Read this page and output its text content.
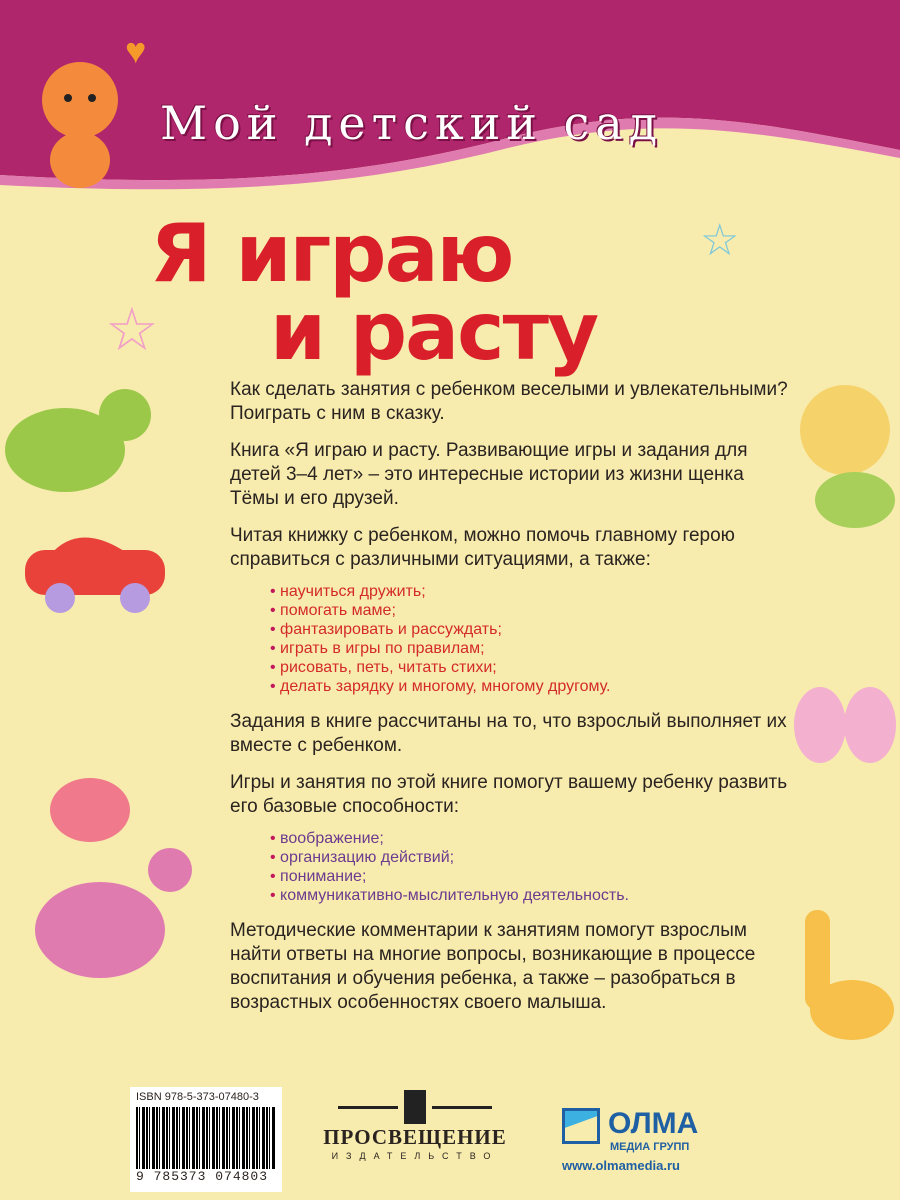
Мой детский сад
♥
Я играю
и расту
☆
☆

Как сделать занятия с ребенком веселыми и увлекательными? Поиграть с ним в сказку.

Книга «Я играю и расту. Развивающие игры и задания для детей 3–4 лет» – это интересные истории из жизни щенка Тёмы и его друзей.

Читая книжку с ребенком, можно помочь главному герою справиться с различными ситуациями, а также:

• научиться дружить;
• помогать маме;
• фантазировать и рассуждать;
• играть в игры по правилам;
• рисовать, петь, читать стихи;
• делать зарядку и многому, многому другому.

Задания в книге рассчитаны на то, что взрослый выполняет их вместе с ребенком.

Игры и занятия по этой книге помогут вашему ребенку развить его базовые способности:

• воображение;
• организацию действий;
• понимание;
• коммуникативно-мыслительную деятельность.

Методические комментарии к занятиям помогут взрослым найти ответы на многие вопросы, возникающие в процессе воспитания и обучения ребенка, а также – разобраться в возрастных особенностях своего малыша.

ISBN 978-5-373-07480-3
9 785373 074803
ПРОСВЕЩЕНИЕ
ИЗДАТЕЛЬСТВО
ОЛМА
МЕДИА ГРУПП
www.olmamedia.ru
